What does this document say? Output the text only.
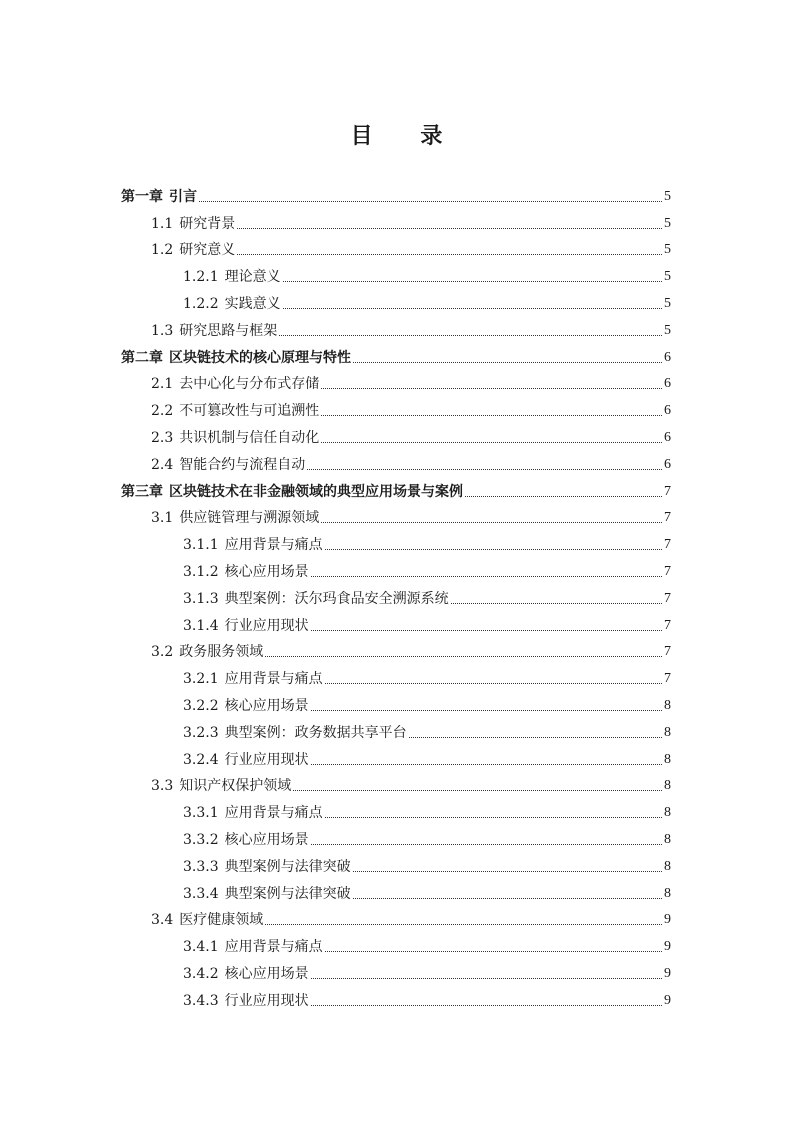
目 录
第一章 引言	5
1.1 研究背景	5
1.2 研究意义	5
1.2.1 理论意义	5
1.2.2 实践意义	5
1.3 研究思路与框架	5
第二章 区块链技术的核心原理与特性	6
2.1 去中心化与分布式存储	6
2.2 不可篡改性与可追溯性	6
2.3 共识机制与信任自动化	6
2.4 智能合约与流程自动	6
第三章 区块链技术在非金融领域的典型应用场景与案例	7
3.1 供应链管理与溯源领域	7
3.1.1 应用背景与痛点	7
3.1.2 核心应用场景	7
3.1.3 典型案例：沃尔玛食品安全溯源系统	7
3.1.4 行业应用现状	7
3.2 政务服务领域	7
3.2.1 应用背景与痛点	7
3.2.2 核心应用场景	8
3.2.3 典型案例：政务数据共享平台	8
3.2.4 行业应用现状	8
3.3 知识产权保护领域	8
3.3.1 应用背景与痛点	8
3.3.2 核心应用场景	8
3.3.3 典型案例与法律突破	8
3.3.4 典型案例与法律突破	8
3.4 医疗健康领域	9
3.4.1 应用背景与痛点	9
3.4.2 核心应用场景	9
3.4.3 行业应用现状	9
